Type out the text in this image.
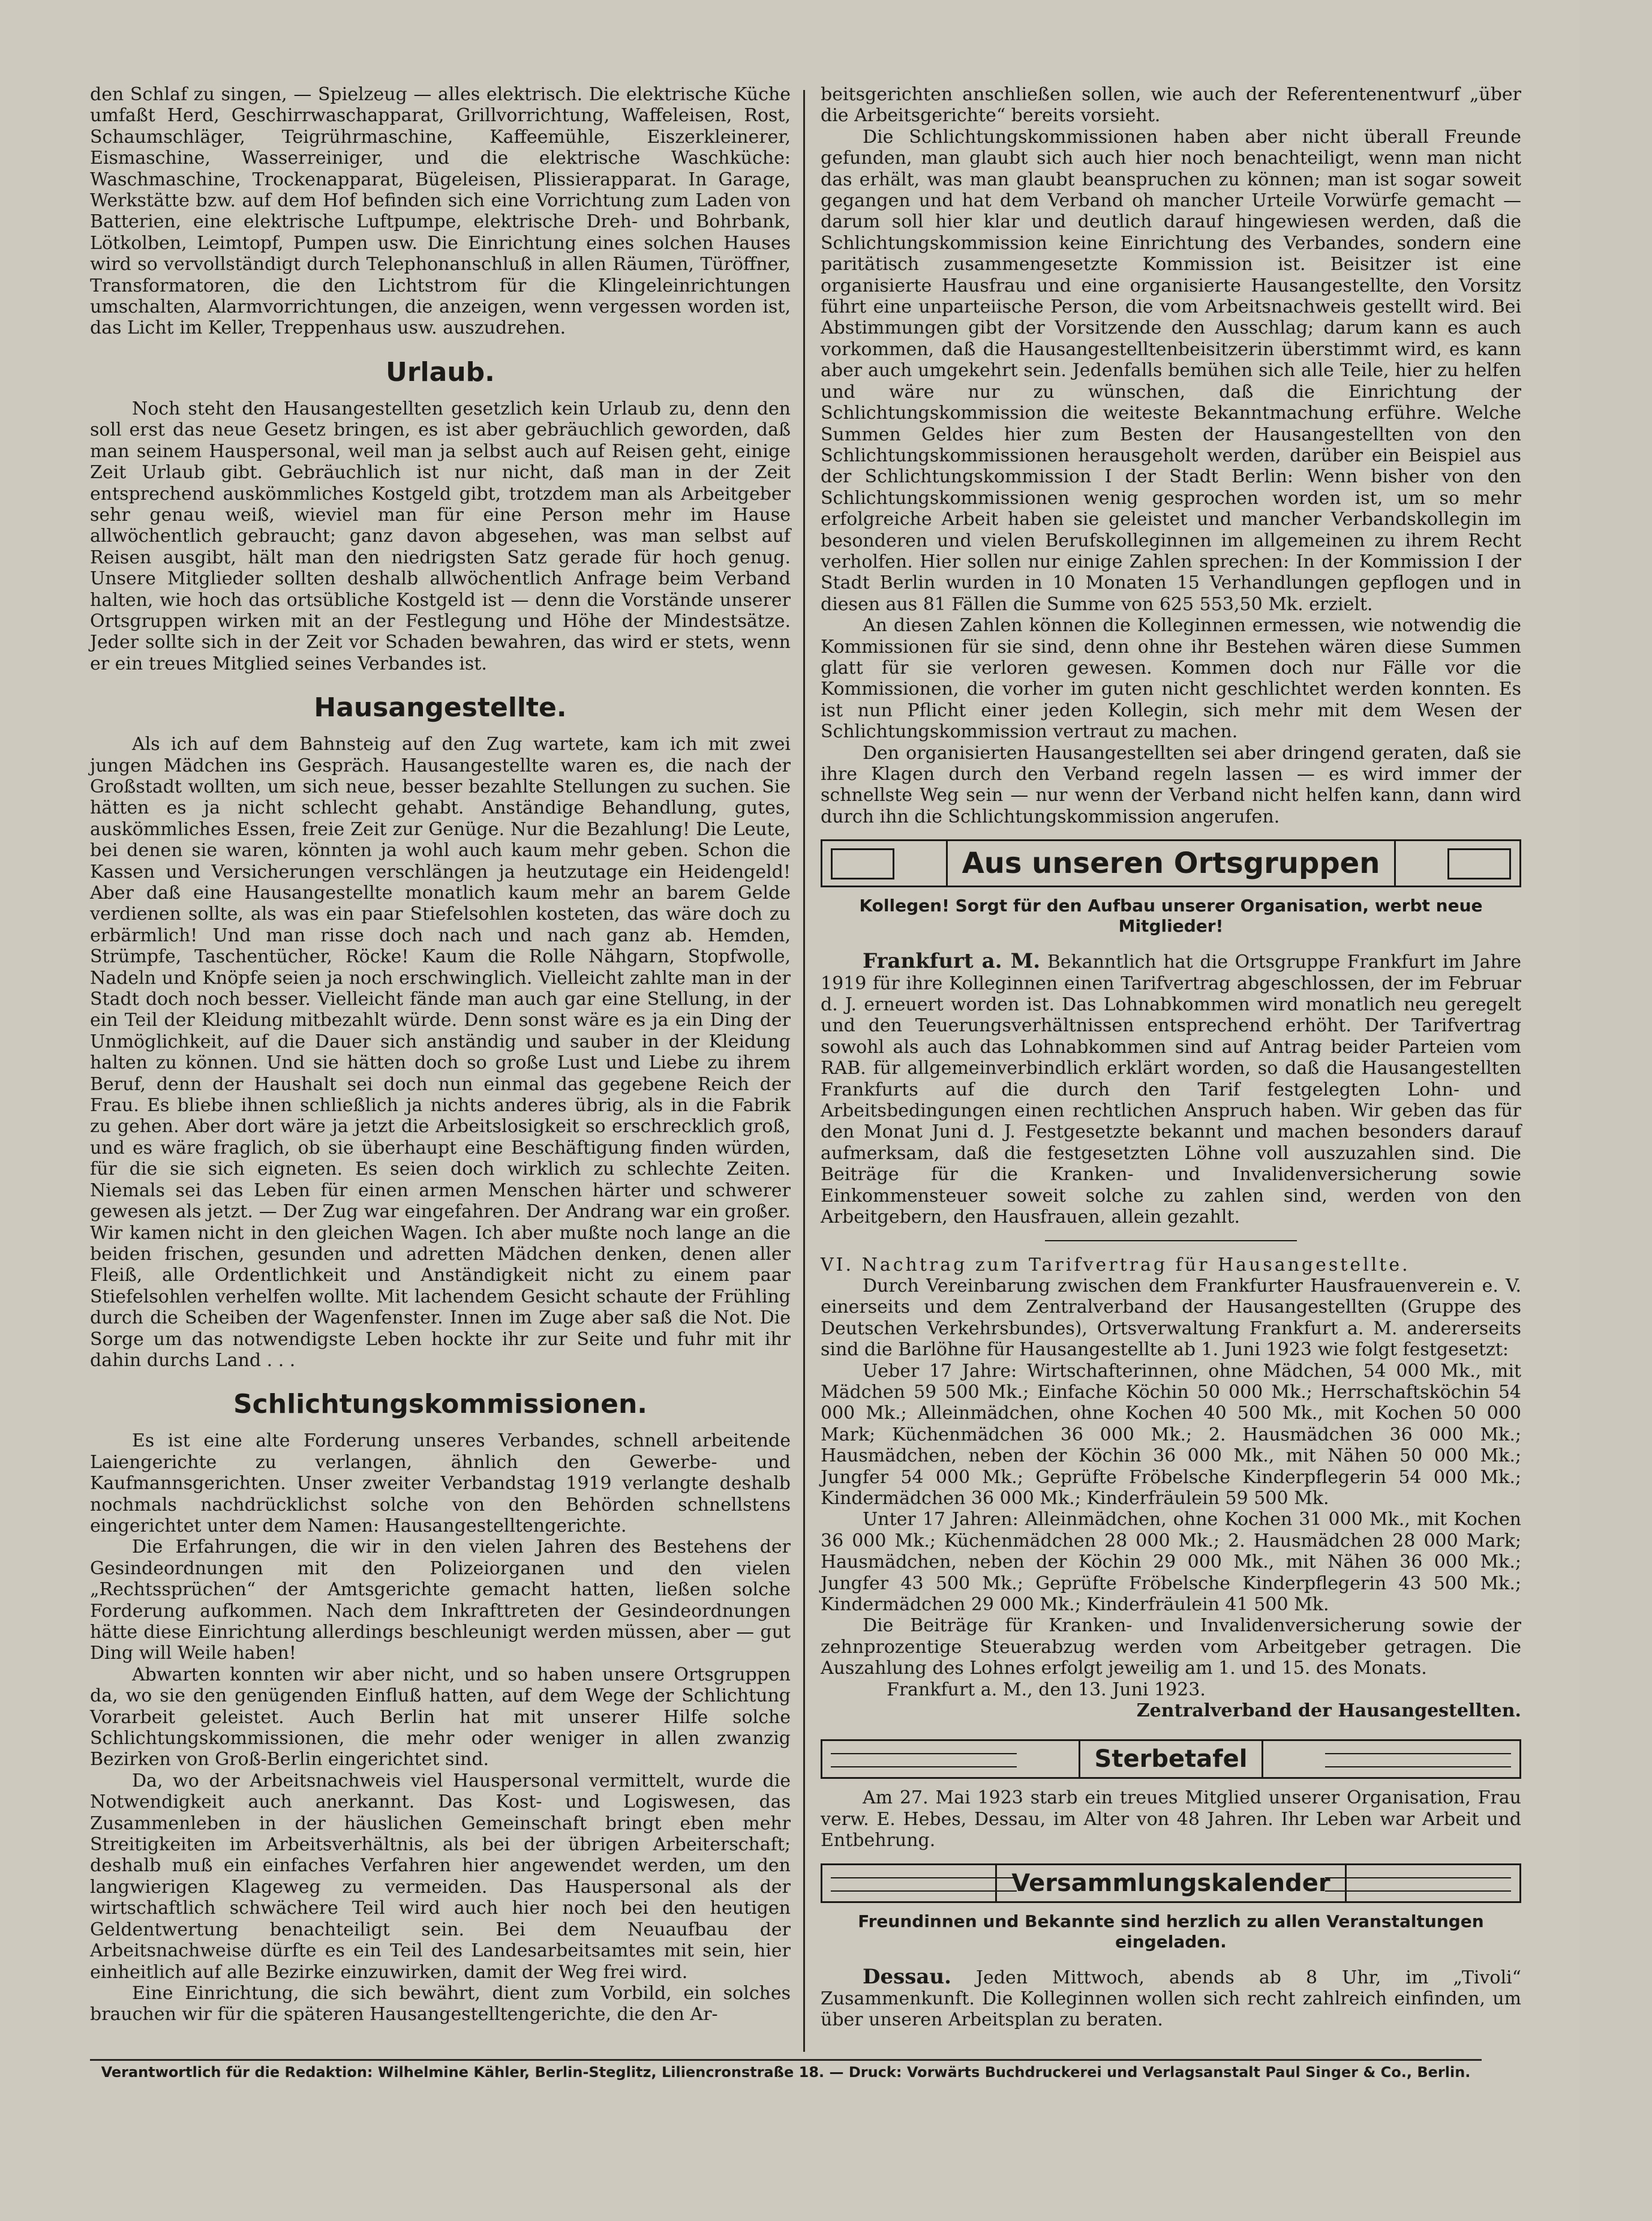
den Schlaf zu singen, — Spielzeug — alles elektrisch. Die elektrische Küche umfaßt Herd, Geschirrwaschapparat, Grillvorrichtung, Waffeleisen, Rost, Schaumschläger, Teigrührmaschine, Kaffeemühle, Eiszerkleinerer, Eismaschine, Wasserreiniger, und die elektrische Waschküche: Waschmaschine, Trockenapparat, Bügeleisen, Plissierapparat. In Garage, Werkstätte bzw. auf dem Hof befinden sich eine Vorrichtung zum Laden von Batterien, eine elektrische Luftpumpe, elektrische Dreh- und Bohrbank, Lötkolben, Leimtopf, Pumpen usw. Die Einrichtung eines solchen Hauses wird so vervollständigt durch Telephonanschluß in allen Räumen, Türöffner, Transformatoren, die den Lichtstrom für die Klingeleinrichtungen umschalten, Alarmvorrichtungen, die anzeigen, wenn vergessen worden ist, das Licht im Keller, Treppenhaus usw. auszudrehen.

Urlaub.

Noch steht den Hausangestellten gesetzlich kein Urlaub zu, denn den soll erst das neue Gesetz bringen, es ist aber gebräuchlich geworden, daß man seinem Hauspersonal, weil man ja selbst auch auf Reisen geht, einige Zeit Urlaub gibt. Gebräuchlich ist nur nicht, daß man in der Zeit entsprechend auskömmliches Kostgeld gibt, trotzdem man als Arbeitgeber sehr genau weiß, wieviel man für eine Person mehr im Hause allwöchentlich gebraucht; ganz davon abgesehen, was man selbst auf Reisen ausgibt, hält man den niedrigsten Satz gerade für hoch genug. Unsere Mitglieder sollten deshalb allwöchentlich Anfrage beim Verband halten, wie hoch das ortsübliche Kostgeld ist — denn die Vorstände unserer Ortsgruppen wirken mit an der Festlegung und Höhe der Mindestsätze. Jeder sollte sich in der Zeit vor Schaden bewahren, das wird er stets, wenn er ein treues Mitglied seines Verbandes ist.

Hausangestellte.

Als ich auf dem Bahnsteig auf den Zug wartete, kam ich mit zwei jungen Mädchen ins Gespräch. Hausangestellte waren es, die nach der Großstadt wollten, um sich neue, besser bezahlte Stellungen zu suchen. Sie hätten es ja nicht schlecht gehabt. Anständige Behandlung, gutes, auskömmliches Essen, freie Zeit zur Genüge. Nur die Bezahlung! Die Leute, bei denen sie waren, könnten ja wohl auch kaum mehr geben. Schon die Kassen und Versicherungen verschlängen ja heutzutage ein Heidengeld! Aber daß eine Hausangestellte monatlich kaum mehr an barem Gelde verdienen sollte, als was ein paar Stiefelsohlen kosteten, das wäre doch zu erbärmlich! Und man risse doch nach und nach ganz ab. Hemden, Strümpfe, Taschentücher, Röcke! Kaum die Rolle Nähgarn, Stopfwolle, Nadeln und Knöpfe seien ja noch erschwinglich. Vielleicht zahlte man in der Stadt doch noch besser. Vielleicht fände man auch gar eine Stellung, in der ein Teil der Kleidung mitbezahlt würde. Denn sonst wäre es ja ein Ding der Unmöglichkeit, auf die Dauer sich anständig und sauber in der Kleidung halten zu können. Und sie hätten doch so große Lust und Liebe zu ihrem Beruf, denn der Haushalt sei doch nun einmal das gegebene Reich der Frau. Es bliebe ihnen schließlich ja nichts anderes übrig, als in die Fabrik zu gehen. Aber dort wäre ja jetzt die Arbeitslosigkeit so erschrecklich groß, und es wäre fraglich, ob sie überhaupt eine Beschäftigung finden würden, für die sie sich eigneten. Es seien doch wirklich zu schlechte Zeiten. Niemals sei das Leben für einen armen Menschen härter und schwerer gewesen als jetzt. — Der Zug war eingefahren. Der Andrang war ein großer. Wir kamen nicht in den gleichen Wagen. Ich aber mußte noch lange an die beiden frischen, gesunden und adretten Mädchen denken, denen aller Fleiß, alle Ordentlichkeit und Anständigkeit nicht zu einem paar Stiefelsohlen verhelfen wollte. Mit lachendem Gesicht schaute der Frühling durch die Scheiben der Wagenfenster. Innen im Zuge aber saß die Not. Die Sorge um das notwendigste Leben hockte ihr zur Seite und fuhr mit ihr dahin durchs Land . . .

Schlichtungskommissionen.

Es ist eine alte Forderung unseres Verbandes, schnell arbeitende Laiengerichte zu verlangen, ähnlich den Gewerbe- und Kaufmannsgerichten. Unser zweiter Verbandstag 1919 verlangte deshalb nochmals nachdrücklichst solche von den Behörden schnellstens eingerichtet unter dem Namen: Hausangestelltengerichte.

Die Erfahrungen, die wir in den vielen Jahren des Bestehens der Gesindeordnungen mit den Polizeiorganen und den vielen „Rechtssprüchen“ der Amtsgerichte gemacht hatten, ließen solche Forderung aufkommen. Nach dem Inkrafttreten der Gesindeordnungen hätte diese Einrichtung allerdings beschleunigt werden müssen, aber — gut Ding will Weile haben!

Abwarten konnten wir aber nicht, und so haben unsere Ortsgruppen da, wo sie den genügenden Einfluß hatten, auf dem Wege der Schlichtung Vorarbeit geleistet. Auch Berlin hat mit unserer Hilfe solche Schlichtungskommissionen, die mehr oder weniger in allen zwanzig Bezirken von Groß-Berlin eingerichtet sind.

Da, wo der Arbeitsnachweis viel Hauspersonal vermittelt, wurde die Notwendigkeit auch anerkannt. Das Kost- und Logiswesen, das Zusammenleben in der häuslichen Gemeinschaft bringt eben mehr Streitigkeiten im Arbeitsverhältnis, als bei der übrigen Arbeiterschaft; deshalb muß ein einfaches Verfahren hier angewendet werden, um den langwierigen Klageweg zu vermeiden. Das Hauspersonal als der wirtschaftlich schwächere Teil wird auch hier noch bei den heutigen Geldentwertung benachteiligt sein. Bei dem Neuaufbau der Arbeitsnachweise dürfte es ein Teil des Landesarbeitsamtes mit sein, hier einheitlich auf alle Bezirke einzuwirken, damit der Weg frei wird.

Eine Einrichtung, die sich bewährt, dient zum Vorbild, ein solches brauchen wir für die späteren Hausangestelltengerichte, die den Ar-

beitsgerichten anschließen sollen, wie auch der Referentenentwurf „über die Arbeitsgerichte“ bereits vorsieht.

Die Schlichtungskommissionen haben aber nicht überall Freunde gefunden, man glaubt sich auch hier noch benachteiligt, wenn man nicht das erhält, was man glaubt beanspruchen zu können; man ist sogar soweit gegangen und hat dem Verband oh mancher Urteile Vorwürfe gemacht — darum soll hier klar und deutlich darauf hingewiesen werden, daß die Schlichtungskommission keine Einrichtung des Verbandes, sondern eine paritätisch zusammengesetzte Kommission ist. Beisitzer ist eine organisierte Hausfrau und eine organisierte Hausangestellte, den Vorsitz führt eine unparteiische Person, die vom Arbeitsnachweis gestellt wird. Bei Abstimmungen gibt der Vorsitzende den Ausschlag; darum kann es auch vorkommen, daß die Hausangestelltenbeisitzerin überstimmt wird, es kann aber auch umgekehrt sein. Jedenfalls bemühen sich alle Teile, hier zu helfen und wäre nur zu wünschen, daß die Einrichtung der Schlichtungskommission die weiteste Bekanntmachung erführe. Welche Summen Geldes hier zum Besten der Hausangestellten von den Schlichtungskommissionen herausgeholt werden, darüber ein Beispiel aus der Schlichtungskommission I der Stadt Berlin: Wenn bisher von den Schlichtungskommissionen wenig gesprochen worden ist, um so mehr erfolgreiche Arbeit haben sie geleistet und mancher Verbandskollegin im besonderen und vielen Berufskolleginnen im allgemeinen zu ihrem Recht verholfen. Hier sollen nur einige Zahlen sprechen: In der Kommission I der Stadt Berlin wurden in 10 Monaten 15 Verhandlungen gepflogen und in diesen aus 81 Fällen die Summe von 625 553,50 Mk. erzielt.

An diesen Zahlen können die Kolleginnen ermessen, wie notwendig die Kommissionen für sie sind, denn ohne ihr Bestehen wären diese Summen glatt für sie verloren gewesen. Kommen doch nur Fälle vor die Kommissionen, die vorher im guten nicht geschlichtet werden konnten. Es ist nun Pflicht einer jeden Kollegin, sich mehr mit dem Wesen der Schlichtungskommission vertraut zu machen.

Den organisierten Hausangestellten sei aber dringend geraten, daß sie ihre Klagen durch den Verband regeln lassen — es wird immer der schnellste Weg sein — nur wenn der Verband nicht helfen kann, dann wird durch ihn die Schlichtungskommission angerufen.

Aus unseren Ortsgruppen
Kollegen! Sorgt für den Aufbau unserer Organisation, werbt neue Mitglieder!

Frankfurt a. M. Bekanntlich hat die Ortsgruppe Frankfurt im Jahre 1919 für ihre Kolleginnen einen Tarifvertrag abgeschlossen, der im Februar d. J. erneuert worden ist. Das Lohnabkommen wird monatlich neu geregelt und den Teuerungsverhältnissen entsprechend erhöht. Der Tarifvertrag sowohl als auch das Lohnabkommen sind auf Antrag beider Parteien vom RAB. für allgemeinverbindlich erklärt worden, so daß die Hausangestellten Frankfurts auf die durch den Tarif festgelegten Lohn- und Arbeitsbedingungen einen rechtlichen Anspruch haben. Wir geben das für den Monat Juni d. J. Festgesetzte bekannt und machen besonders darauf aufmerksam, daß die festgesetzten Löhne voll auszuzahlen sind. Die Beiträge für die Kranken- und Invalidenversicherung sowie Einkommensteuer soweit solche zu zahlen sind, werden von den Arbeitgebern, den Hausfrauen, allein gezahlt.

VI. Nachtrag zum Tarifvertrag für Hausangestellte.

Durch Vereinbarung zwischen dem Frankfurter Hausfrauenverein e. V. einerseits und dem Zentralverband der Hausangestellten (Gruppe des Deutschen Verkehrsbundes), Ortsverwaltung Frankfurt a. M. andererseits sind die Barlöhne für Hausangestellte ab 1. Juni 1923 wie folgt festgesetzt:

Ueber 17 Jahre: Wirtschafterinnen, ohne Mädchen, 54 000 Mk., mit Mädchen 59 500 Mk.; Einfache Köchin 50 000 Mk.; Herrschaftsköchin 54 000 Mk.; Alleinmädchen, ohne Kochen 40 500 Mk., mit Kochen 50 000 Mark; Küchenmädchen 36 000 Mk.; 2. Hausmädchen 36 000 Mk.; Hausmädchen, neben der Köchin 36 000 Mk., mit Nähen 50 000 Mk.; Jungfer 54 000 Mk.; Geprüfte Fröbelsche Kinderpflegerin 54 000 Mk.; Kindermädchen 36 000 Mk.; Kinderfräulein 59 500 Mk.

Unter 17 Jahren: Alleinmädchen, ohne Kochen 31 000 Mk., mit Kochen 36 000 Mk.; Küchenmädchen 28 000 Mk.; 2. Hausmädchen 28 000 Mark; Hausmädchen, neben der Köchin 29 000 Mk., mit Nähen 36 000 Mk.; Jungfer 43 500 Mk.; Geprüfte Fröbelsche Kinderpflegerin 43 500 Mk.; Kindermädchen 29 000 Mk.; Kinderfräulein 41 500 Mk.

Die Beiträge für Kranken- und Invalidenversicherung sowie der zehnprozentige Steuerabzug werden vom Arbeitgeber getragen. Die Auszahlung des Lohnes erfolgt jeweilig am 1. und 15. des Monats.

Frankfurt a. M., den 13. Juni 1923.

Zentralverband der Hausangestellten.

Sterbetafel

Am 27. Mai 1923 starb ein treues Mitglied unserer Organisation, Frau verw. E. Hebes, Dessau, im Alter von 48 Jahren. Ihr Leben war Arbeit und Entbehrung.

Versammlungskalender
Freundinnen und Bekannte sind herzlich zu allen Veranstaltungen eingeladen.

Dessau. Jeden Mittwoch, abends ab 8 Uhr, im „Tivoli“ Zusammenkunft. Die Kolleginnen wollen sich recht zahlreich einfinden, um über unseren Arbeitsplan zu beraten.

Verantwortlich für die Redaktion: Wilhelmine Kähler, Berlin-Steglitz, Liliencronstraße 18. — Druck: Vorwärts Buchdruckerei und Verlagsanstalt Paul Singer & Co., Berlin.
